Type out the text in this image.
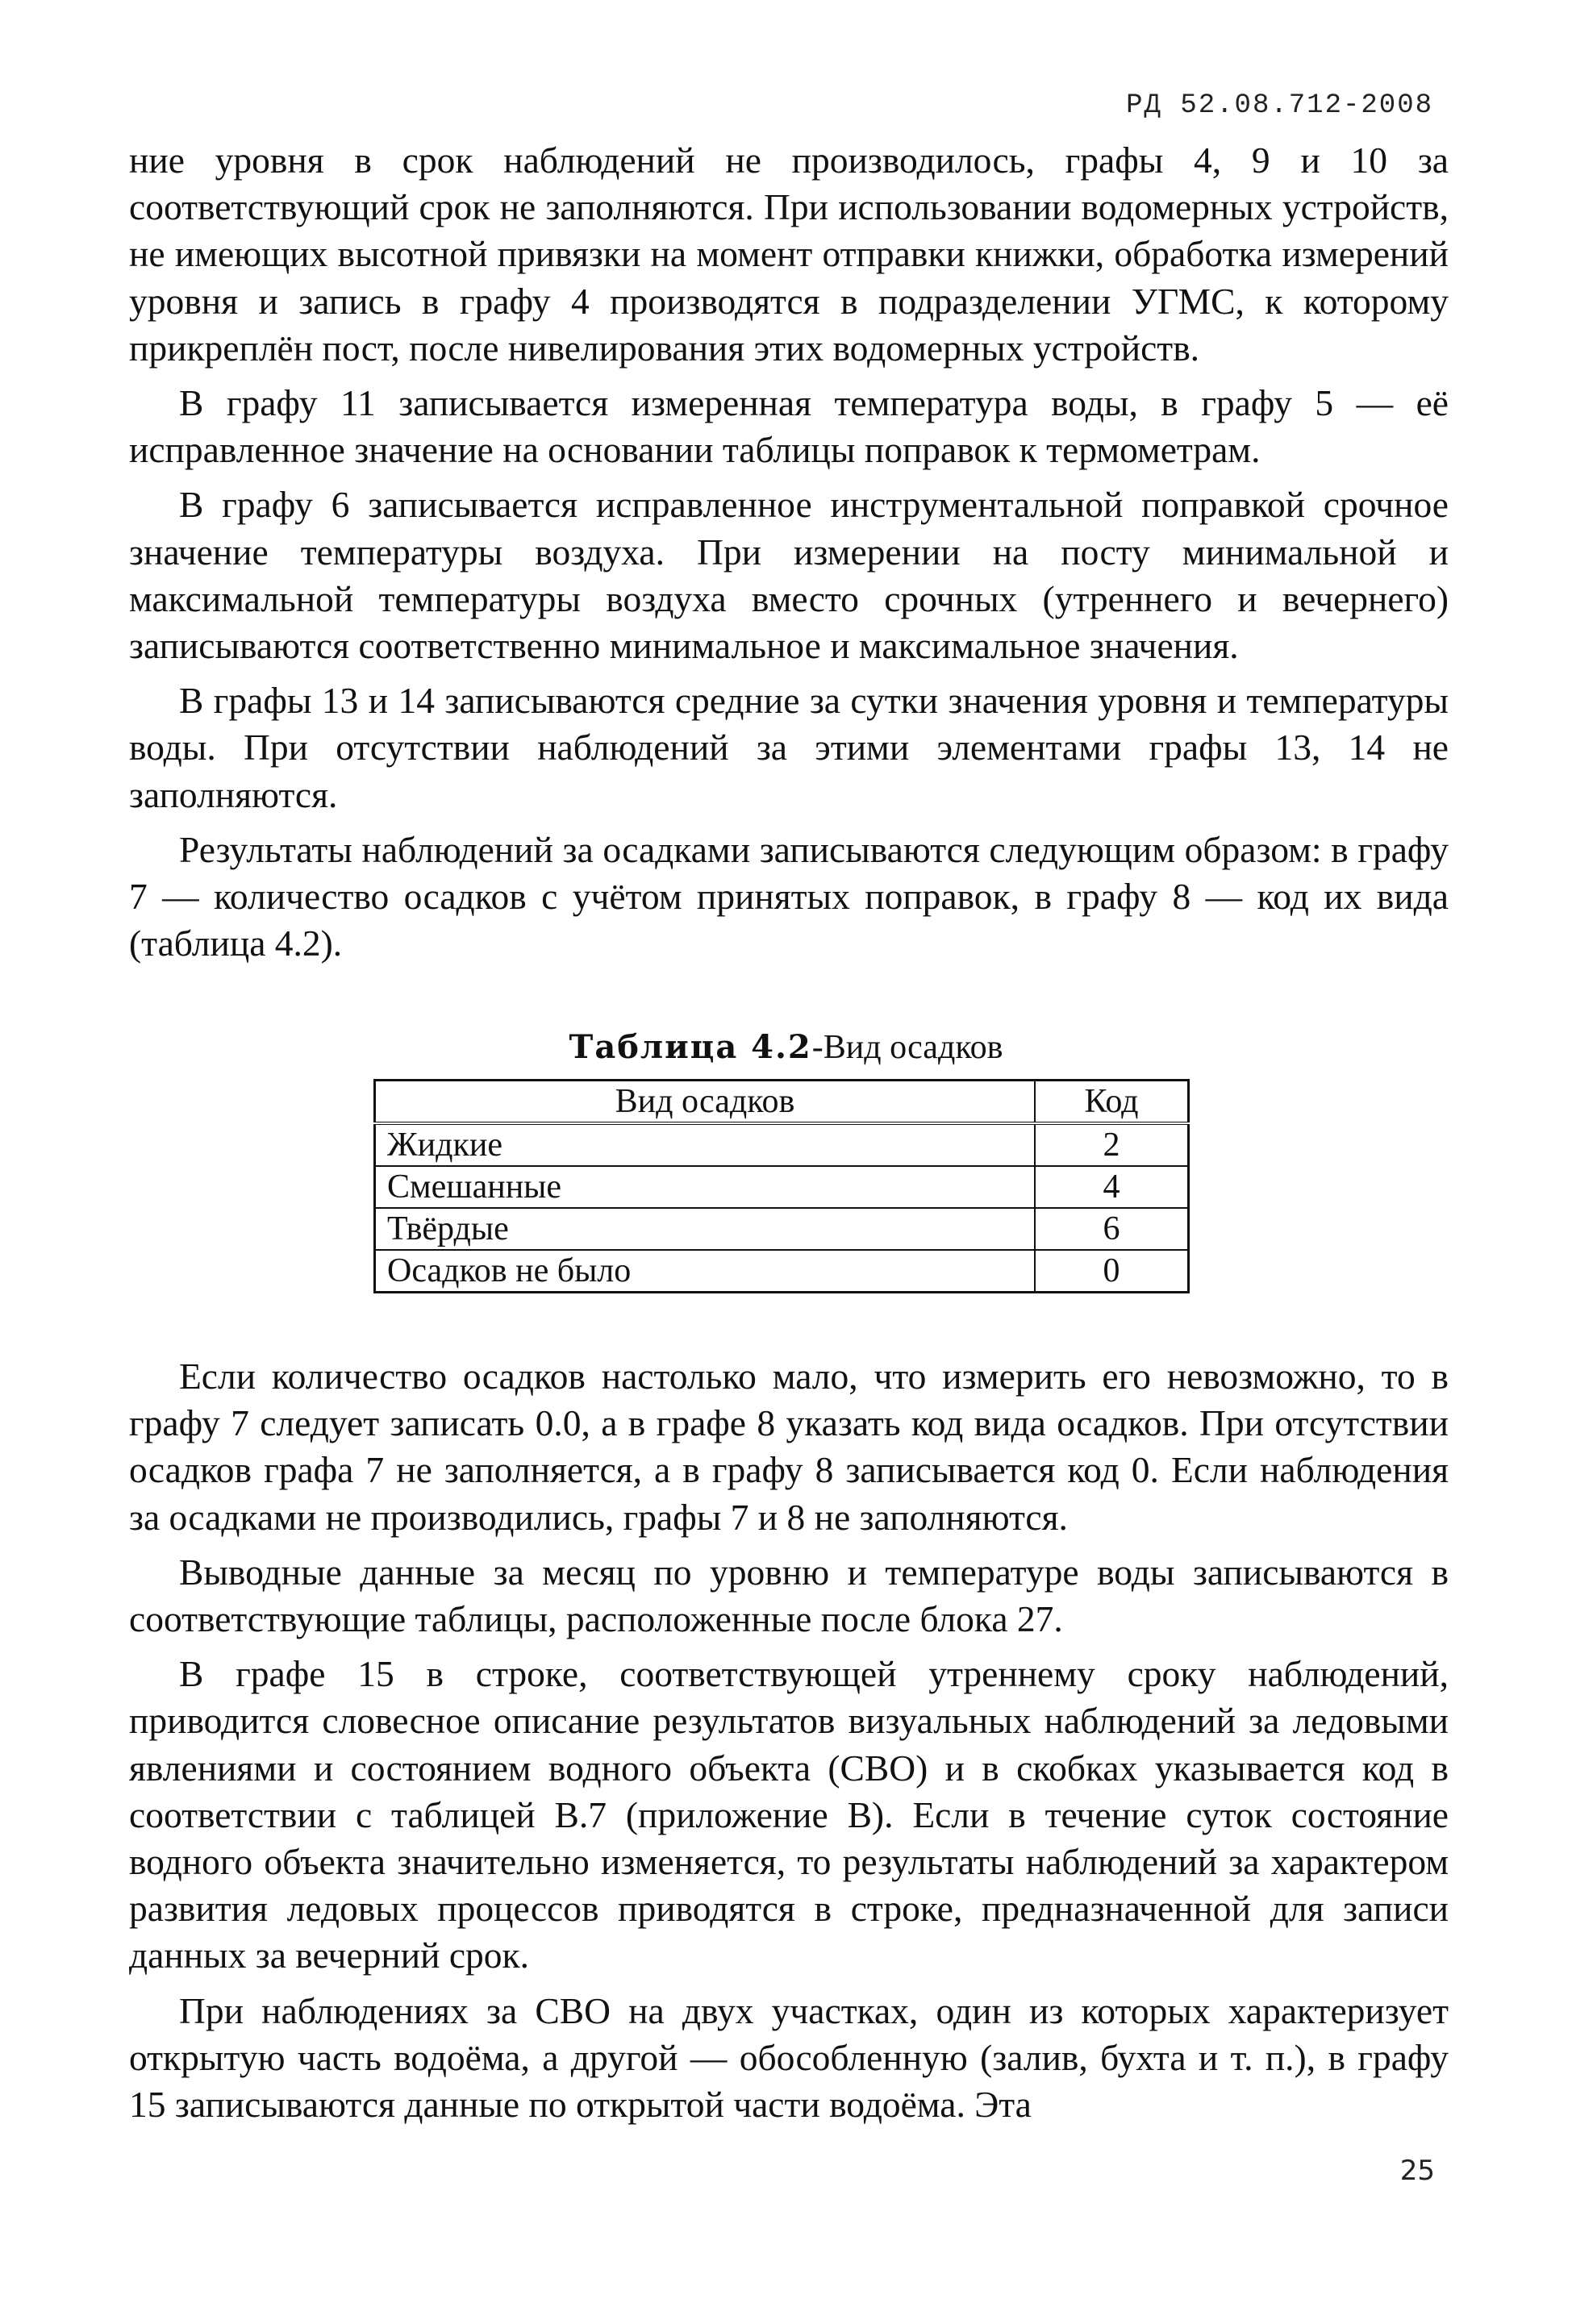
РД 52.08.712-2008

ние уровня в срок наблюдений не производилось, графы 4, 9 и 10 за соответствующий срок не заполняются. При использовании водомерных устройств, не имеющих высотной привязки на момент отправки книжки, обработка измерений уровня и запись в графу 4 производятся в подразделении УГМС, к которому прикреплён пост, после нивелирования этих водомерных устройств.

В графу 11 записывается измеренная температура воды, в графу 5 — её исправленное значение на основании таблицы поправок к термометрам.

В графу 6 записывается исправленное инструментальной поправкой срочное значение температуры воздуха. При измерении на посту минимальной и максимальной температуры воздуха вместо срочных (утреннего и вечернего) записываются соответственно минимальное и максимальное значения.

В графы 13 и 14 записываются средние за сутки значения уровня и температуры воды. При отсутствии наблюдений за этими элементами графы 13, 14 не заполняются.

Результаты наблюдений за осадками записываются следующим образом: в графу 7 — количество осадков с учётом принятых поправок, в графу 8 — код их вида (таблица 4.2).

Таблица 4.2-Вид осадков
Вид осадков	Код
Жидкие	2
Смешанные	4
Твёрдые	6
Осадков не было	0

Если количество осадков настолько мало, что измерить его невозможно, то в графу 7 следует записать 0.0, а в графе 8 указать код вида осадков. При отсутствии осадков графа 7 не заполняется, а в графу 8 записывается код 0. Если наблюдения за осадками не производились, графы 7 и 8 не заполняются.

Выводные данные за месяц по уровню и температуре воды записываются в соответствующие таблицы, расположенные после блока 27.

В графе 15 в строке, соответствующей утреннему сроку наблюдений, приводится словесное описание результатов визуальных наблюдений за ледовыми явлениями и состоянием водного объекта (СВО) и в скобках указывается код в соответствии с таблицей В.7 (приложение В). Если в течение суток состояние водного объекта значительно изменяется, то результаты наблюдений за характером развития ледовых процессов приводятся в строке, предназначенной для записи данных за вечерний срок.

При наблюдениях за СВО на двух участках, один из которых характеризует открытую часть водоёма, а другой — обособленную (залив, бухта и т. п.), в графу 15 записываются данные по открытой части водоёма. Эта

25
